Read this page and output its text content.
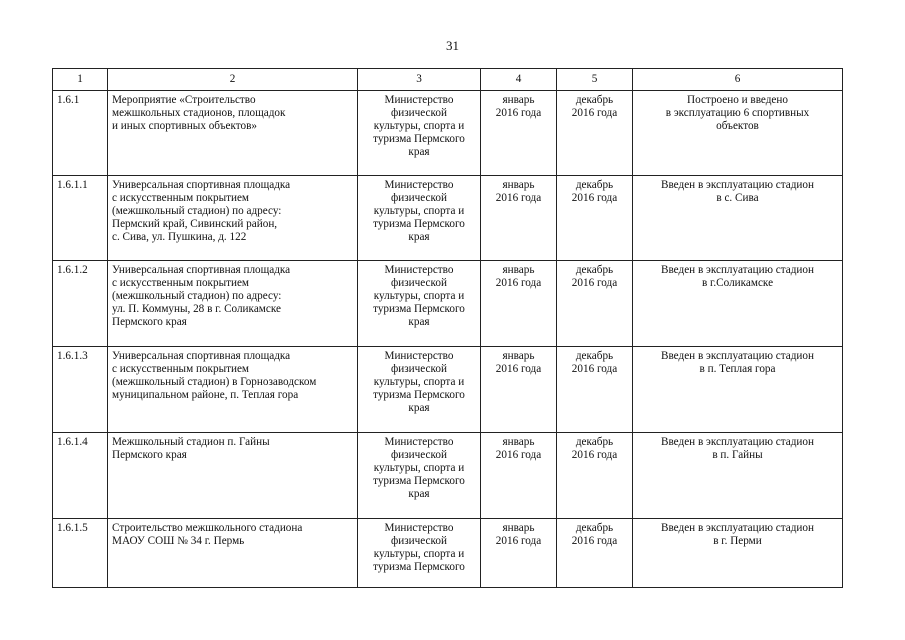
31
1	2	3	4	5	6
1.6.1	Мероприятие «Строительство
межшкольных стадионов, площадок
и иных спортивных объектов»	Министерство
физической
культуры, спорта и
туризма Пермского
края	январь
2016 года	декабрь
2016 года	Построено и введено
в эксплуатацию 6 спортивных
объектов
1.6.1.1	Универсальная спортивная площадка
с искусственным покрытием
(межшкольный стадион) по адресу:
Пермский край, Сивинский район,
с. Сива, ул. Пушкина, д. 122	Министерство
физической
культуры, спорта и
туризма Пермского
края	январь
2016 года	декабрь
2016 года	Введен в эксплуатацию стадион
в с. Сива
1.6.1.2	Универсальная спортивная площадка
с искусственным покрытием
(межшкольный стадион) по адресу:
ул. П. Коммуны, 28 в г. Соликамске
Пермского края	Министерство
физической
культуры, спорта и
туризма Пермского
края	январь
2016 года	декабрь
2016 года	Введен в эксплуатацию стадион
в г.Соликамске
1.6.1.3	Универсальная спортивная площадка
с искусственным покрытием
(межшкольный стадион) в Горнозаводском
муниципальном районе, п. Теплая гора	Министерство
физической
культуры, спорта и
туризма Пермского
края	январь
2016 года	декабрь
2016 года	Введен в эксплуатацию стадион
в п. Теплая гора
1.6.1.4	Межшкольный стадион п. Гайны
Пермского края	Министерство
физической
культуры, спорта и
туризма Пермского
края	январь
2016 года	декабрь
2016 года	Введен в эксплуатацию стадион
в п. Гайны
1.6.1.5	Строительство межшкольного стадиона
МАОУ СОШ № 34 г. Пермь	Министерство
физической
культуры, спорта и
туризма Пермского	январь
2016 года	декабрь
2016 года	Введен в эксплуатацию стадион
в г. Перми
